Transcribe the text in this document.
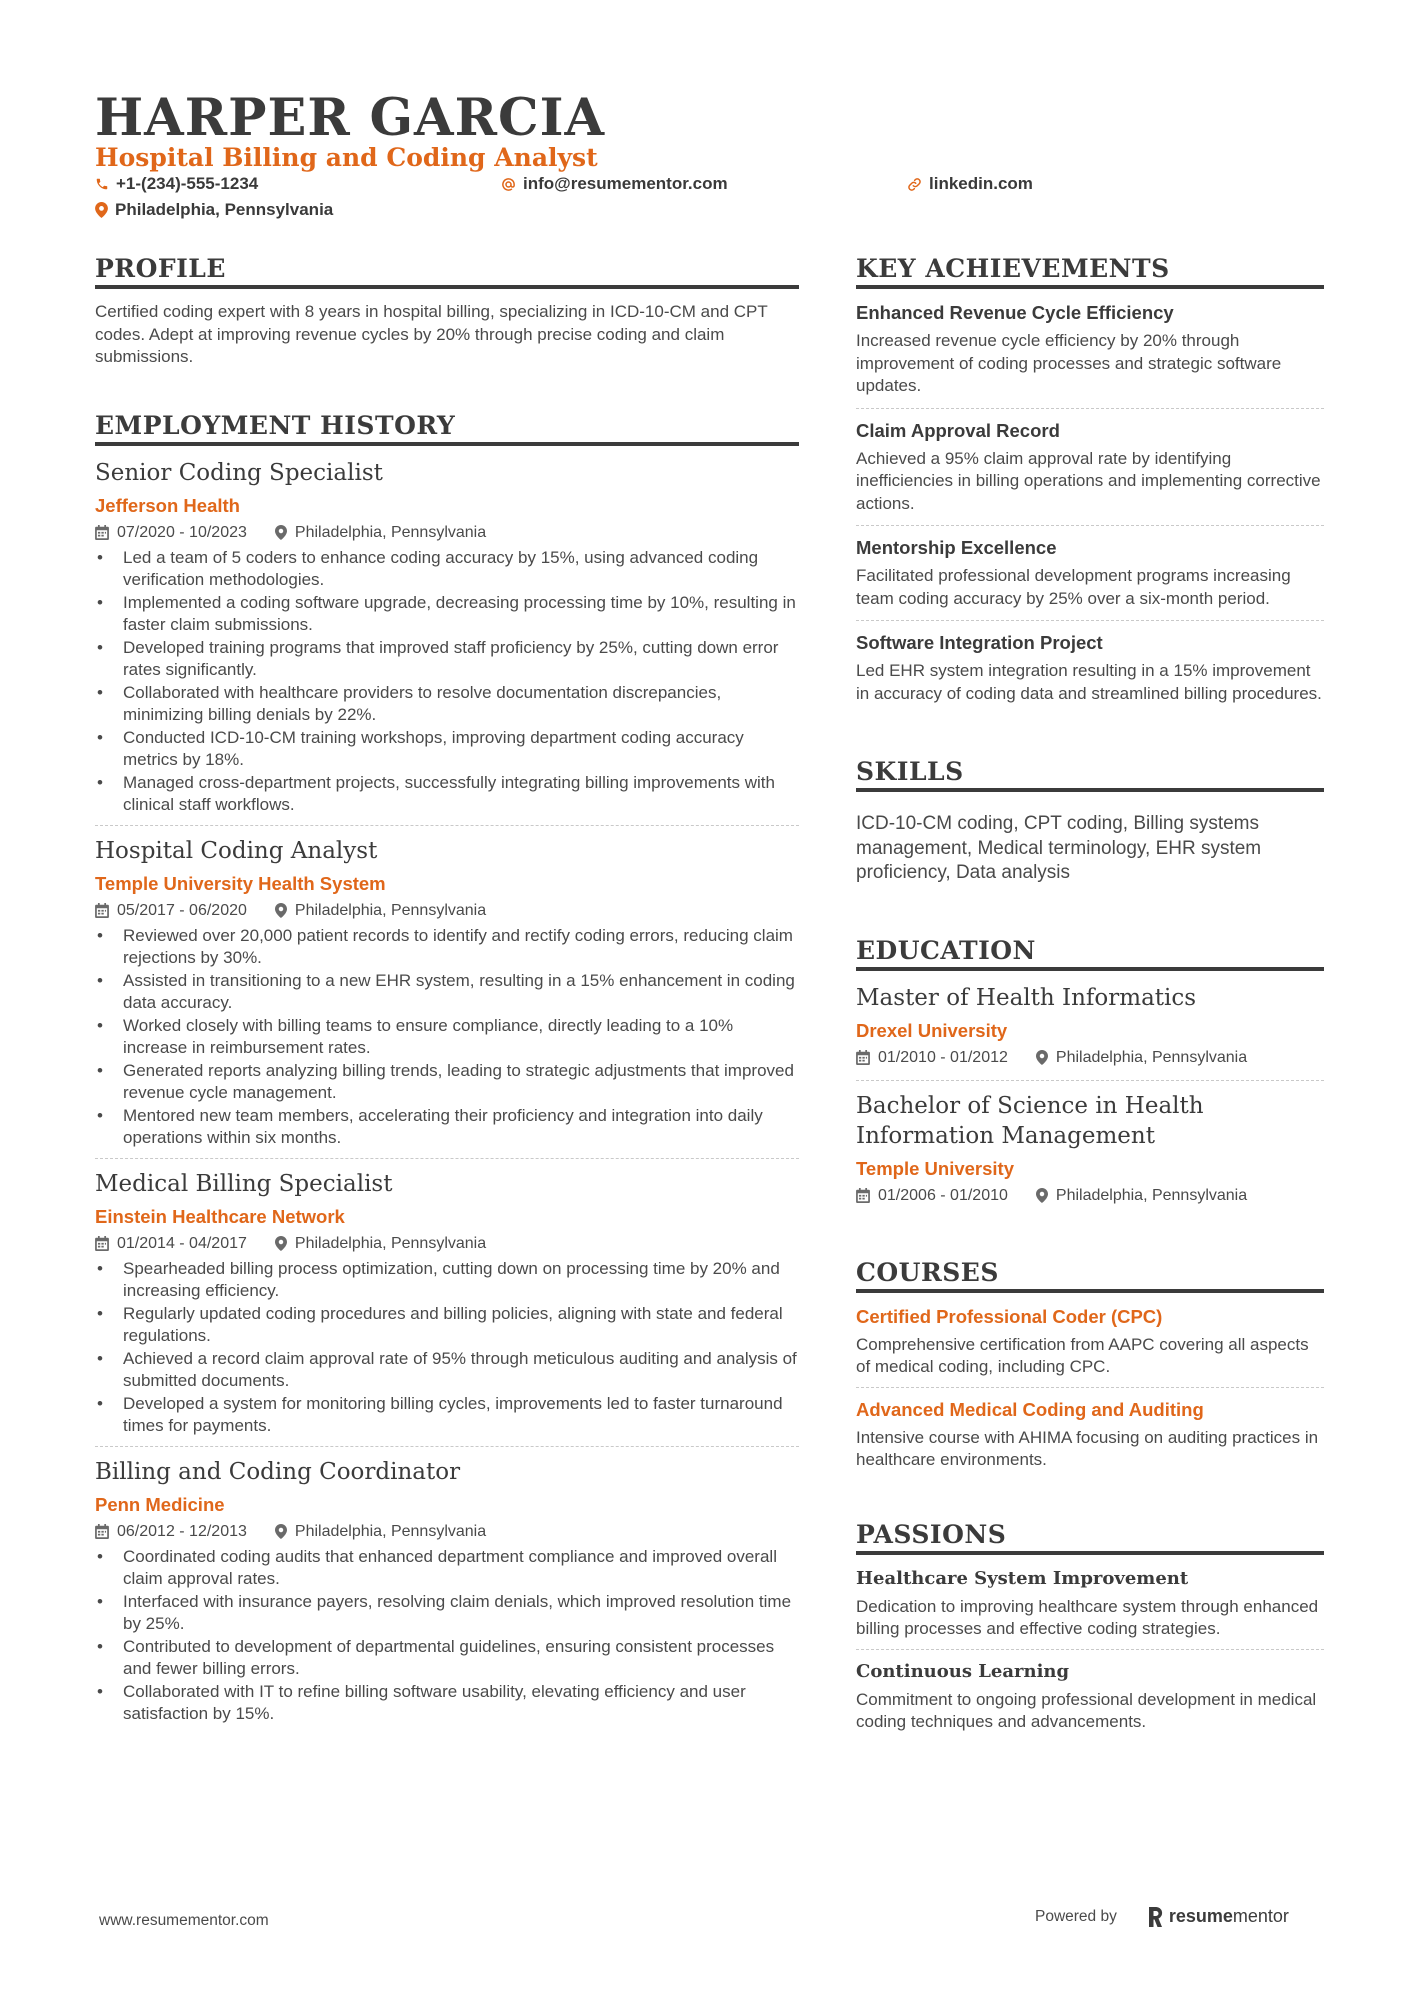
HARPER GARCIA
Hospital Billing and Coding Analyst
+1-(234)-555-1234	info@resumementor.com	linkedin.com
Philadelphia, Pennsylvania
PROFILE
Certified coding expert with 8 years in hospital billing, specializing in ICD-10-CM and CPT codes. Adept at improving revenue cycles by 20% through precise coding and claim submissions.
EMPLOYMENT HISTORY
Senior Coding Specialist
Jefferson Health
07/2020 - 10/2023	Philadelphia, Pennsylvania
• Led a team of 5 coders to enhance coding accuracy by 15%, using advanced coding verification methodologies.
• Implemented a coding software upgrade, decreasing processing time by 10%, resulting in faster claim submissions.
• Developed training programs that improved staff proficiency by 25%, cutting down error rates significantly.
• Collaborated with healthcare providers to resolve documentation discrepancies, minimizing billing denials by 22%.
• Conducted ICD-10-CM training workshops, improving department coding accuracy metrics by 18%.
• Managed cross-department projects, successfully integrating billing improvements with clinical staff workflows.
Hospital Coding Analyst
Temple University Health System
05/2017 - 06/2020	Philadelphia, Pennsylvania
• Reviewed over 20,000 patient records to identify and rectify coding errors, reducing claim rejections by 30%.
• Assisted in transitioning to a new EHR system, resulting in a 15% enhancement in coding data accuracy.
• Worked closely with billing teams to ensure compliance, directly leading to a 10% increase in reimbursement rates.
• Generated reports analyzing billing trends, leading to strategic adjustments that improved revenue cycle management.
• Mentored new team members, accelerating their proficiency and integration into daily operations within six months.
Medical Billing Specialist
Einstein Healthcare Network
01/2014 - 04/2017	Philadelphia, Pennsylvania
• Spearheaded billing process optimization, cutting down on processing time by 20% and increasing efficiency.
• Regularly updated coding procedures and billing policies, aligning with state and federal regulations.
• Achieved a record claim approval rate of 95% through meticulous auditing and analysis of submitted documents.
• Developed a system for monitoring billing cycles, improvements led to faster turnaround times for payments.
Billing and Coding Coordinator
Penn Medicine
06/2012 - 12/2013	Philadelphia, Pennsylvania
• Coordinated coding audits that enhanced department compliance and improved overall claim approval rates.
• Interfaced with insurance payers, resolving claim denials, which improved resolution time by 25%.
• Contributed to development of departmental guidelines, ensuring consistent processes and fewer billing errors.
• Collaborated with IT to refine billing software usability, elevating efficiency and user satisfaction by 15%.
KEY ACHIEVEMENTS
Enhanced Revenue Cycle Efficiency
Increased revenue cycle efficiency by 20% through improvement of coding processes and strategic software updates.
Claim Approval Record
Achieved a 95% claim approval rate by identifying inefficiencies in billing operations and implementing corrective actions.
Mentorship Excellence
Facilitated professional development programs increasing team coding accuracy by 25% over a six-month period.
Software Integration Project
Led EHR system integration resulting in a 15% improvement in accuracy of coding data and streamlined billing procedures.
SKILLS
ICD-10-CM coding, CPT coding, Billing systems management, Medical terminology, EHR system proficiency, Data analysis
EDUCATION
Master of Health Informatics
Drexel University
01/2010 - 01/2012	Philadelphia, Pennsylvania
Bachelor of Science in Health Information Management
Temple University
01/2006 - 01/2010	Philadelphia, Pennsylvania
COURSES
Certified Professional Coder (CPC)
Comprehensive certification from AAPC covering all aspects of medical coding, including CPC.
Advanced Medical Coding and Auditing
Intensive course with AHIMA focusing on auditing practices in healthcare environments.
PASSIONS
Healthcare System Improvement
Dedication to improving healthcare system through enhanced billing processes and effective coding strategies.
Continuous Learning
Commitment to ongoing professional development in medical coding techniques and advancements.
www.resumementor.com	Powered by	resume mentor
